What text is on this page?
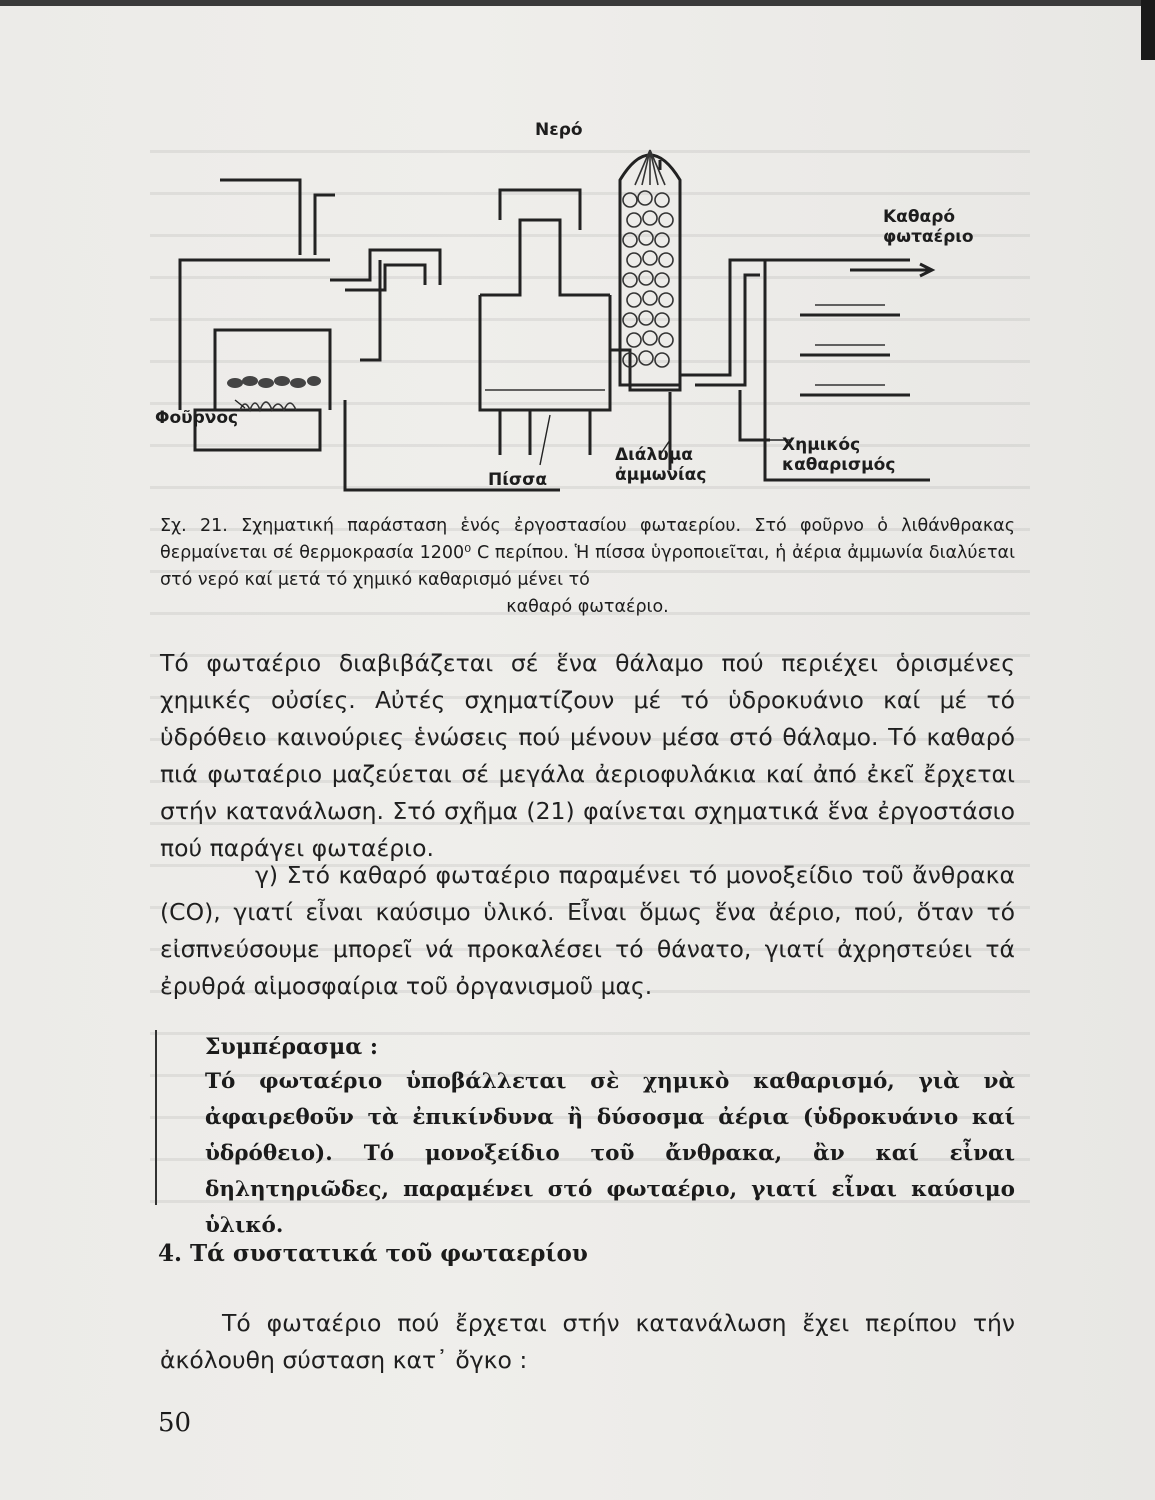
Νερό
Καθαρό
φωταέριο
Φοῦρνος
Διάλυμα
ἀμμωνίας
Πίσσα
Χημικός
καθαρισμός
Σχ. 21. Σχηματική παράσταση ἑνός ἐργοστασίου φωταερίου. Στό φοῦρνο ὁ λιθάνθρακας θερμαίνεται σέ θερμοκρασία 1200⁰ C περίπου. Ἡ πίσσα ὑγροποιεῖται, ἡ ἀέρια ἀμμωνία διαλύεται στό νερό καί μετά τό χημικό καθαρισμό μένει τό
καθαρό φωταέριο.
Τό φωταέριο διαβιβάζεται σέ ἕνα θάλαμο πού περιέχει ὁρισμένες χημικές οὐσίες. Αὐτές σχηματίζουν μέ τό ὑδροκυάνιο καί μέ τό ὑδρόθειο καινούριες ἑνώσεις πού μένουν μέσα στό θάλαμο. Τό καθαρό πιά φωταέριο μαζεύεται σέ μεγάλα ἀεριοφυλάκια καί ἀπό ἐκεῖ ἔρχεται στήν κατανάλωση. Στό σχῆμα (21) φαίνεται σχηματικά ἕνα ἐργοστάσιο πού παράγει φωταέριο.
γ) Στό καθαρό φωταέριο παραμένει τό μονοξείδιο τοῦ ἄνθρακα (CO), γιατί εἶναι καύσιμο ὑλικό. Εἶναι ὅμως ἕνα ἀέριο, πού, ὅταν τό εἰσπνεύσουμε μπορεῖ νά προκαλέσει τό θάνατο, γιατί ἀχρηστεύει τά ἐρυθρά αἱμοσφαίρια τοῦ ὀργανισμοῦ μας.
Συμπέρασμα :
Τό φωταέριο ὑποβάλλεται σὲ χημικὸ καθαρισμό, γιὰ νὰ ἀφαιρεθοῦν τὰ ἐπικίνδυνα ἢ δύσοσμα ἀέρια (ὑδροκυάνιο καί ὑδρόθειο). Τό μονοξείδιο τοῦ ἄνθρακα, ἂν καί εἶναι δηλητηριῶδες, παραμένει στό φωταέριο, γιατί εἶναι καύσιμο ὑλικό.
4. Τά συστατικά τοῦ φωταερίου
Τό φωταέριο πού ἔρχεται στήν κατανάλωση ἔχει περίπου τήν ἀκόλουθη σύσταση κατ᾽ ὄγκο :
50
